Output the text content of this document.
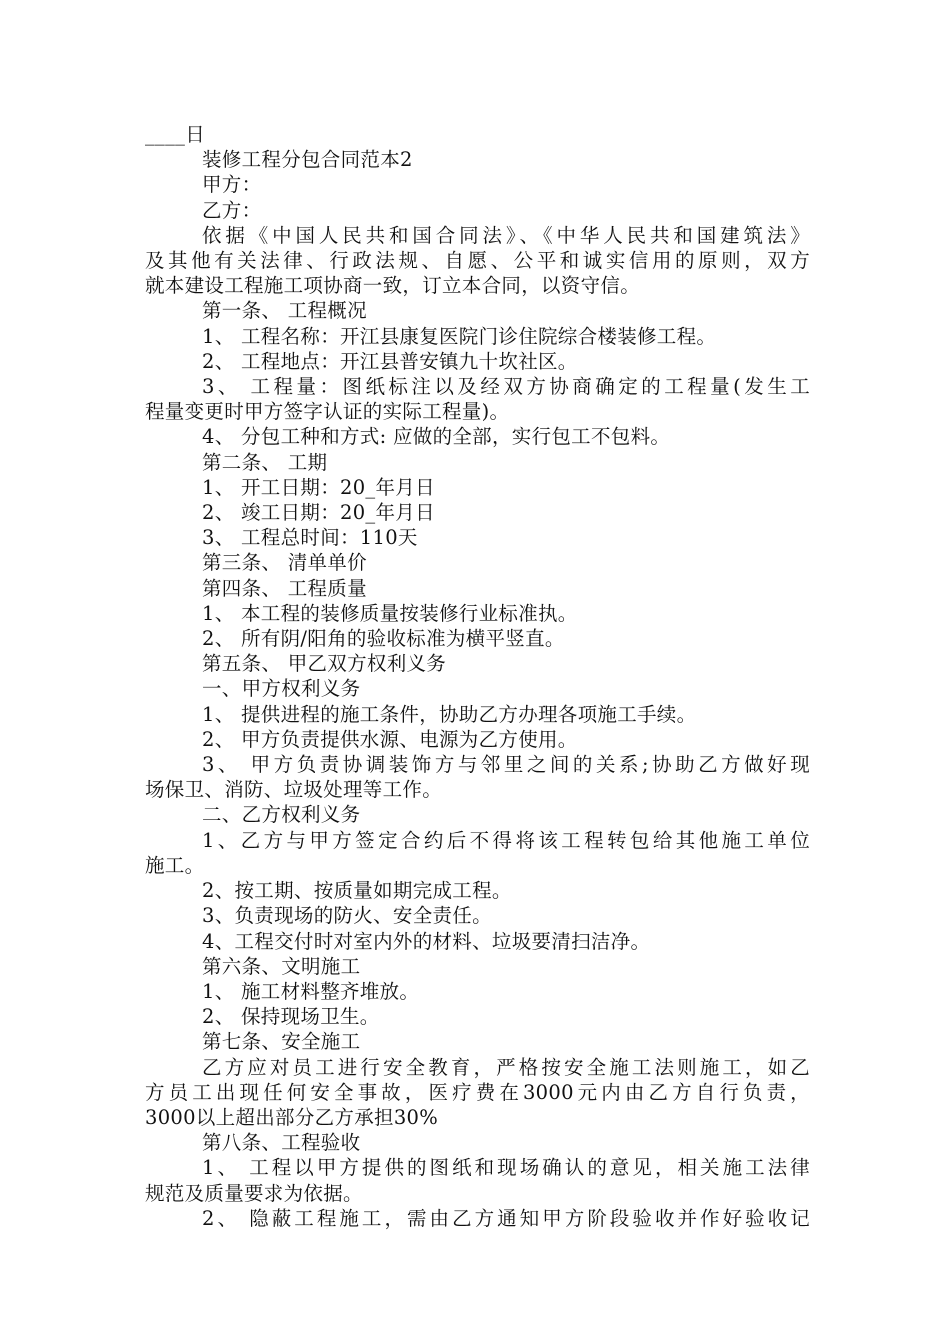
____日
装修工程分包合同范本2
甲方：
乙方：
依据《中国人民共和国合同法》、《中华人民共和国建筑法》
及其他有关法律、行政法规、自愿、公平和诚实信用的原则，双方
就本建设工程施工项协商一致，订立本合同，以资守信。
第一条、 工程概况
1、 工程名称：开江县康复医院门诊住院综合楼装修工程。
2、 工程地点：开江县普安镇九十坎社区。
3、 工程量：图纸标注以及经双方协商确定的工程量(发生工
程量变更时甲方签字认证的实际工程量)。
4、 分包工种和方式: 应做的全部，实行包工不包料。
第二条、 工期
1、 开工日期：20_年月日
2、 竣工日期：20_年月日
3、 工程总时间：110天
第三条、 清单单价
第四条、 工程质量
1、 本工程的装修质量按装修行业标准执。
2、 所有阴/阳角的验收标准为横平竖直。
第五条、 甲乙双方权利义务
一、甲方权利义务
1、 提供进程的施工条件，协助乙方办理各项施工手续。
2、 甲方负责提供水源、电源为乙方使用。
3、 甲方负责协调装饰方与邻里之间的关系;协助乙方做好现
场保卫、消防、垃圾处理等工作。
二、乙方权利义务
1、乙方与甲方签定合约后不得将该工程转包给其他施工单位
施工。
2、按工期、按质量如期完成工程。
3、负责现场的防火、安全责任。
4、工程交付时对室内外的材料、垃圾要清扫洁净。
第六条、文明施工
1、 施工材料整齐堆放。
2、 保持现场卫生。
第七条、安全施工
乙方应对员工进行安全教育，严格按安全施工法则施工，如乙
方员工出现任何安全事故，医疗费在3000元内由乙方自行负责，
3000以上超出部分乙方承担30%
第八条、工程验收
1、 工程以甲方提供的图纸和现场确认的意见，相关施工法律
规范及质量要求为依据。
2、 隐蔽工程施工，需由乙方通知甲方阶段验收并作好验收记
